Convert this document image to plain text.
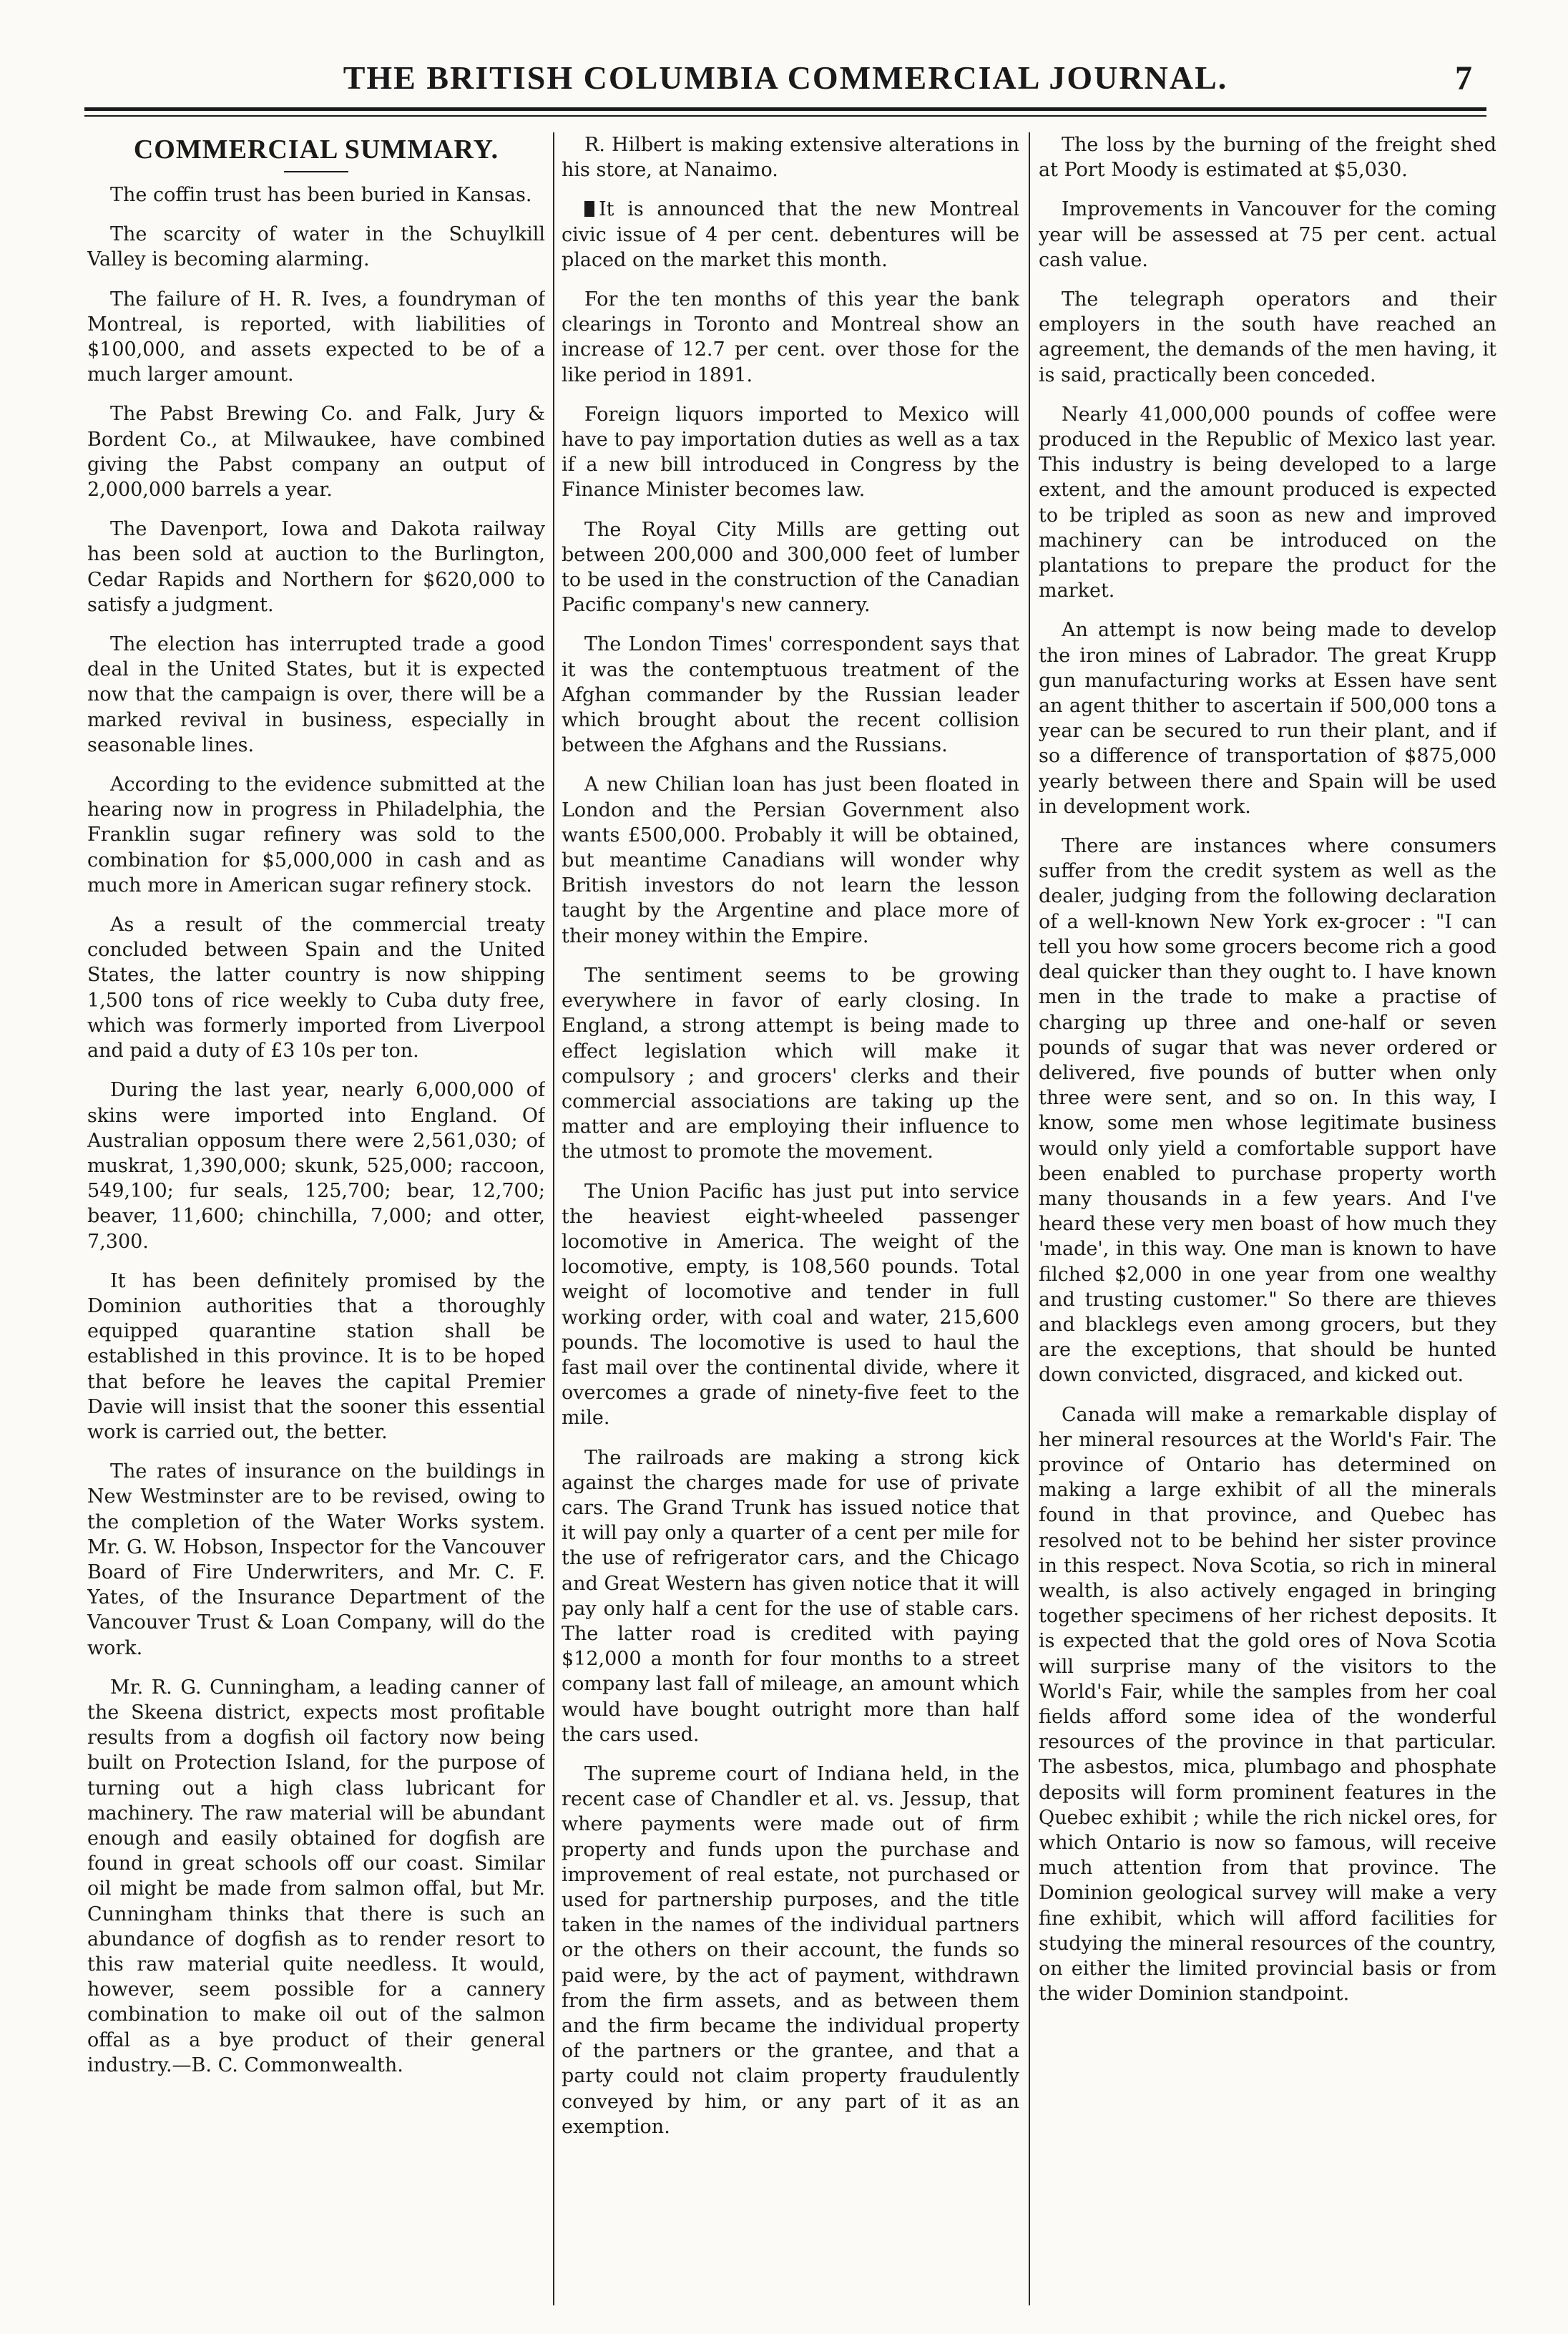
THE BRITISH COLUMBIA COMMERCIAL JOURNAL.	7
COMMERCIAL SUMMARY.

The coffin trust has been buried in Kansas.

The scarcity of water in the Schuylkill Valley is becoming alarming.

The failure of H. R. Ives, a foundryman of Montreal, is reported, with liabilities of $100,000, and assets expected to be of a much larger amount.

The Pabst Brewing Co. and Falk, Jury & Bordent Co., at Milwaukee, have combined giving the Pabst company an output of 2,000,000 barrels a year.

The Davenport, Iowa and Dakota railway has been sold at auction to the Burlington, Cedar Rapids and Northern for $620,000 to satisfy a judgment.

The election has interrupted trade a good deal in the United States, but it is expected now that the campaign is over, there will be a marked revival in business, especially in seasonable lines.

According to the evidence submitted at the hearing now in progress in Philadelphia, the Franklin sugar refinery was sold to the combination for $5,000,000 in cash and as much more in American sugar refinery stock.

As a result of the commercial treaty concluded between Spain and the United States, the latter country is now shipping 1,500 tons of rice weekly to Cuba duty free, which was formerly imported from Liverpool and paid a duty of £3 10s per ton.

During the last year, nearly 6,000,000 of skins were imported into England. Of Australian opposum there were 2,561,030; of muskrat, 1,390,000; skunk, 525,000; raccoon, 549,100; fur seals, 125,700; bear, 12,700; beaver, 11,600; chinchilla, 7,000; and otter, 7,300.

It has been definitely promised by the Dominion authorities that a thoroughly equipped quarantine station shall be established in this province. It is to be hoped that before he leaves the capital Premier Davie will insist that the sooner this essential work is carried out, the better.

The rates of insurance on the buildings in New Westminster are to be revised, owing to the completion of the Water Works system. Mr. G. W. Hobson, Inspector for the Vancouver Board of Fire Underwriters, and Mr. C. F. Yates, of the Insurance Department of the Vancouver Trust & Loan Company, will do the work.

Mr. R. G. Cunningham, a leading canner of the Skeena district, expects most profitable results from a dogfish oil factory now being built on Protection Island, for the purpose of turning out a high class lubricant for machinery. The raw material will be abundant enough and easily obtained for dogfish are found in great schools off our coast. Similar oil might be made from salmon offal, but Mr. Cunningham thinks that there is such an abundance of dogfish as to render resort to this raw material quite needless. It would, however, seem possible for a cannery combination to make oil out of the salmon offal as a bye product of their general industry.—B. C. Commonwealth.

R. Hilbert is making extensive alterations in his store, at Nanaimo.

It is announced that the new Montreal civic issue of 4 per cent. debentures will be placed on the market this month.

For the ten months of this year the bank clearings in Toronto and Montreal show an increase of 12.7 per cent. over those for the like period in 1891.

Foreign liquors imported to Mexico will have to pay importation duties as well as a tax if a new bill introduced in Congress by the Finance Minister becomes law.

The Royal City Mills are getting out between 200,000 and 300,000 feet of lumber to be used in the construction of the Canadian Pacific company's new cannery.

The London Times' correspondent says that it was the contemptuous treatment of the Afghan commander by the Russian leader which brought about the recent collision between the Afghans and the Russians.

A new Chilian loan has just been floated in London and the Persian Government also wants £500,000. Probably it will be obtained, but meantime Canadians will wonder why British investors do not learn the lesson taught by the Argentine and place more of their money within the Empire.

The sentiment seems to be growing everywhere in favor of early closing. In England, a strong attempt is being made to effect legislation which will make it compulsory ; and grocers' clerks and their commercial associations are taking up the matter and are employing their influence to the utmost to promote the movement.

The Union Pacific has just put into service the heaviest eight-wheeled passenger locomotive in America. The weight of the locomotive, empty, is 108,560 pounds. Total weight of locomotive and tender in full working order, with coal and water, 215,600 pounds. The locomotive is used to haul the fast mail over the continental divide, where it overcomes a grade of ninety-five feet to the mile.

The railroads are making a strong kick against the charges made for use of private cars. The Grand Trunk has issued notice that it will pay only a quarter of a cent per mile for the use of refrigerator cars, and the Chicago and Great Western has given notice that it will pay only half a cent for the use of stable cars. The latter road is credited with paying $12,000 a month for four months to a street company last fall of mileage, an amount which would have bought outright more than half the cars used.

The supreme court of Indiana held, in the recent case of Chandler et al. vs. Jessup, that where payments were made out of firm property and funds upon the purchase and improvement of real estate, not purchased or used for partnership purposes, and the title taken in the names of the individual partners or the others on their account, the funds so paid were, by the act of payment, withdrawn from the firm assets, and as between them and the firm became the individual property of the partners or the grantee, and that a party could not claim property fraudulently conveyed by him, or any part of it as an exemption.

The loss by the burning of the freight shed at Port Moody is estimated at $5,030.

Improvements in Vancouver for the coming year will be assessed at 75 per cent. actual cash value.

The telegraph operators and their employers in the south have reached an agreement, the demands of the men having, it is said, practically been conceded.

Nearly 41,000,000 pounds of coffee were produced in the Republic of Mexico last year. This industry is being developed to a large extent, and the amount produced is expected to be tripled as soon as new and improved machinery can be introduced on the plantations to prepare the product for the market.

An attempt is now being made to develop the iron mines of Labrador. The great Krupp gun manufacturing works at Essen have sent an agent thither to ascertain if 500,000 tons a year can be secured to run their plant, and if so a difference of transportation of $875,000 yearly between there and Spain will be used in development work.

There are instances where consumers suffer from the credit system as well as the dealer, judging from the following declaration of a well-known New York ex-grocer : "I can tell you how some grocers become rich a good deal quicker than they ought to. I have known men in the trade to make a practise of charging up three and one-half or seven pounds of sugar that was never ordered or delivered, five pounds of butter when only three were sent, and so on. In this way, I know, some men whose legitimate business would only yield a comfortable support have been enabled to purchase property worth many thousands in a few years. And I've heard these very men boast of how much they 'made', in this way. One man is known to have filched $2,000 in one year from one wealthy and trusting customer." So there are thieves and blacklegs even among grocers, but they are the exceptions, that should be hunted down convicted, disgraced, and kicked out.

Canada will make a remarkable display of her mineral resources at the World's Fair. The province of Ontario has determined on making a large exhibit of all the minerals found in that province, and Quebec has resolved not to be behind her sister province in this respect. Nova Scotia, so rich in mineral wealth, is also actively engaged in bringing together specimens of her richest deposits. It is expected that the gold ores of Nova Scotia will surprise many of the visitors to the World's Fair, while the samples from her coal fields afford some idea of the wonderful resources of the province in that particular. The asbestos, mica, plumbago and phosphate deposits will form prominent features in the Quebec exhibit ; while the rich nickel ores, for which Ontario is now so famous, will receive much attention from that province. The Dominion geological survey will make a very fine exhibit, which will afford facilities for studying the mineral resources of the country, on either the limited provincial basis or from the wider Dominion standpoint.
